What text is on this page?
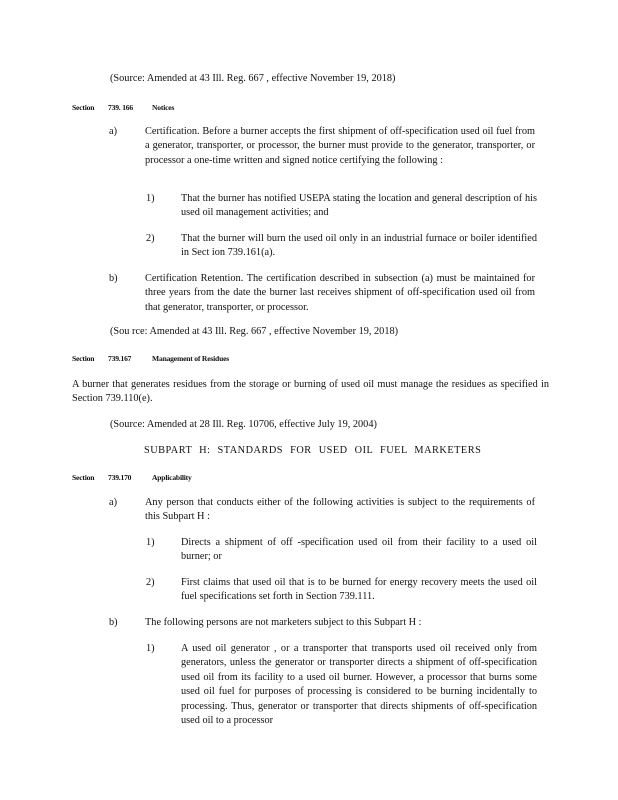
(Source: Amended at 43 Ill. Reg. 667 , effective November 19, 2018)

Section 739. 166	Notices

a)	Certification. Before a burner accepts the first shipment of off-specification used oil fuel from a generator, transporter, or processor, the burner must provide to the generator, transporter, or processor a one-time written and signed notice certifying the following :

1)	That the burner has notified USEPA stating the location and general description of his used oil management activities; and

2)	That the burner will burn the used oil only in an industrial furnace or boiler identified in Sect ion 739.161(a).

b)	Certification Retention. The certification described in subsection (a) must be maintained for three years from the date the burner last receives shipment of off-specification used oil from that generator, transporter, or processor.

(Sou rce: Amended at 43 Ill. Reg. 667 , effective November 19, 2018)

Section 739.167	Management of Residues

A burner that generates residues from the storage or burning of used oil must manage the residues as specified in Section 739.110(e).

(Source: Amended at 28 Ill. Reg. 10706, effective July 19, 2004)

SUBPART H: STANDARDS FOR USED OIL FUEL MARKETERS

Section 739.170	Applicability

a)	Any person that conducts either of the following activities is subject to the requirements of this Subpart H :

1)	Directs a shipment of off -specification used oil from their facility to a used oil burner; or

2)	First claims that used oil that is to be burned for energy recovery meets the used oil fuel specifications set forth in Section 739.111.

b)	The following persons are not marketers subject to this Subpart H :

1)	A used oil generator , or a transporter that transports used oil received only from generators, unless the generator or transporter directs a shipment of off-specification used oil from its facility to a used oil burner. However, a processor that burns some used oil fuel for purposes of processing is considered to be burning incidentally to processing. Thus, generator or transporter that directs shipments of off-specification used oil to a processor
